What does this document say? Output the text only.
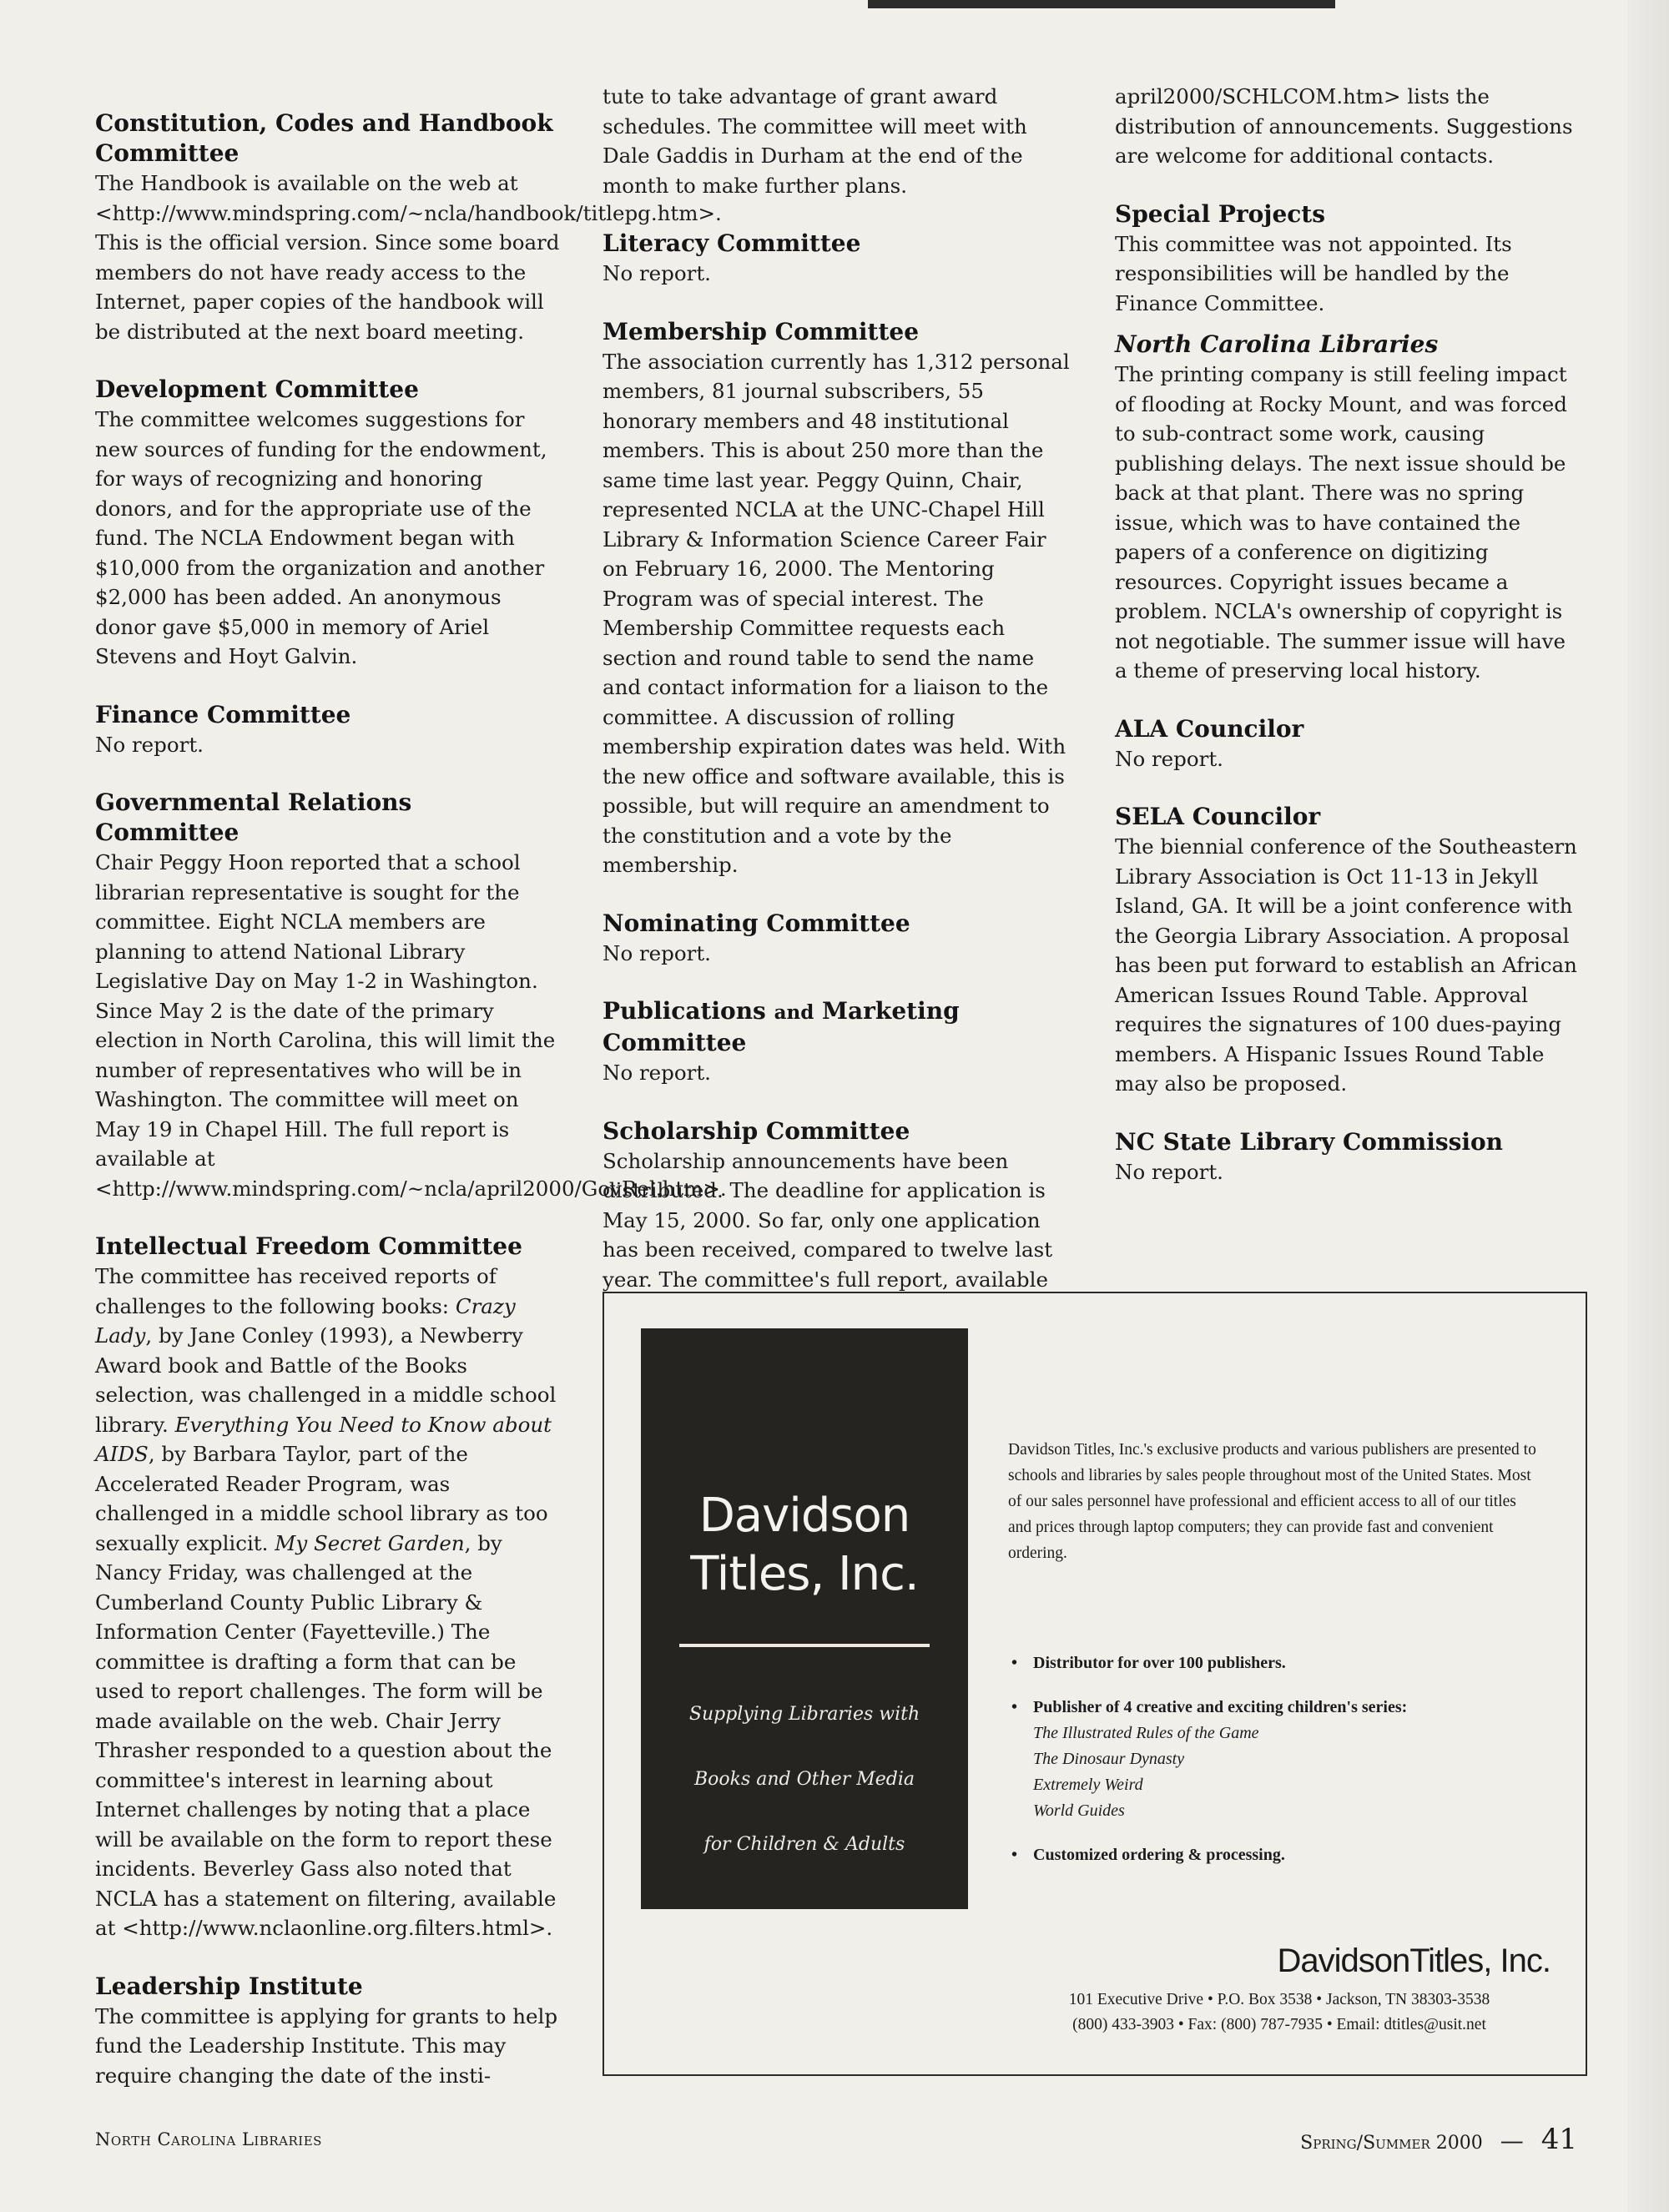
Constitution, Codes and Handbook Committee

The Handbook is available on the web at <http://www.mindspring.com/~ncla/handbook/titlepg.htm>. This is the official version. Since some board members do not have ready access to the Internet, paper copies of the handbook will be distributed at the next board meeting.

Development Committee

The committee welcomes suggestions for new sources of funding for the endowment, for ways of recognizing and honoring donors, and for the appropriate use of the fund. The NCLA Endowment began with $10,000 from the organization and another $2,000 has been added. An anonymous donor gave $5,000 in memory of Ariel Stevens and Hoyt Galvin.

Finance Committee

No report.

Governmental Relations Committee

Chair Peggy Hoon reported that a school librarian representative is sought for the committee. Eight NCLA members are planning to attend National Library Legislative Day on May 1-2 in Washington. Since May 2 is the date of the primary election in North Carolina, this will limit the number of representatives who will be in Washington. The committee will meet on May 19 in Chapel Hill. The full report is available at <http://www.mindspring.com/~ncla/april2000/GovRel.htm>.

Intellectual Freedom Committee

The committee has received reports of challenges to the following books: Crazy Lady, by Jane Conley (1993), a Newberry Award book and Battle of the Books selection, was challenged in a middle school library. Everything You Need to Know about AIDS, by Barbara Taylor, part of the Accelerated Reader Program, was challenged in a middle school library as too sexually explicit. My Secret Garden, by Nancy Friday, was challenged at the Cumberland County Public Library & Information Center (Fayetteville.) The committee is drafting a form that can be used to report challenges. The form will be made available on the web. Chair Jerry Thrasher responded to a question about the committee's interest in learning about Internet challenges by noting that a place will be available on the form to report these incidents. Beverley Gass also noted that NCLA has a statement on filtering, available at <http://www.nclaonline.org.filters.html>.

Leadership Institute

The committee is applying for grants to help fund the Leadership Institute. This may require changing the date of the insti-

tute to take advantage of grant award schedules. The committee will meet with Dale Gaddis in Durham at the end of the month to make further plans.

Literacy Committee

No report.

Membership Committee

The association currently has 1,312 personal members, 81 journal subscribers, 55 honorary members and 48 institutional members. This is about 250 more than the same time last year. Peggy Quinn, Chair, represented NCLA at the UNC-Chapel Hill Library & Information Science Career Fair on February 16, 2000. The Mentoring Program was of special interest. The Membership Committee requests each section and round table to send the name and contact information for a liaison to the committee. A discussion of rolling membership expiration dates was held. With the new office and software available, this is possible, but will require an amendment to the constitution and a vote by the membership.

Nominating Committee

No report.

Publications and Marketing Committee

No report.

Scholarship Committee

Scholarship announcements have been distributed. The deadline for application is May 15, 2000. So far, only one application has been received, compared to twelve last year. The committee's full report, available

april2000/SCHLCOM.htm> lists the distribution of announcements. Suggestions are welcome for additional contacts.

Special Projects

This committee was not appointed. Its responsibilities will be handled by the Finance Committee.

North Carolina Libraries

The printing company is still feeling impact of flooding at Rocky Mount, and was forced to sub-contract some work, causing publishing delays. The next issue should be back at that plant. There was no spring issue, which was to have contained the papers of a conference on digitizing resources. Copyright issues became a problem. NCLA's ownership of copyright is not negotiable. The summer issue will have a theme of preserving local history.

ALA Councilor

No report.

SELA Councilor

The biennial conference of the Southeastern Library Association is Oct 11-13 in Jekyll Island, GA. It will be a joint conference with the Georgia Library Association. A proposal has been put forward to establish an African American Issues Round Table. Approval requires the signatures of 100 dues-paying members. A Hispanic Issues Round Table may also be proposed.

NC State Library Commission

No report.

Davidson
Titles, Inc.
Supplying Libraries with
Books and Other Media
for Children & Adults
Davidson Titles, Inc.'s exclusive products and various publishers are presented to schools and libraries by sales people throughout most of the United States. Most of our sales personnel have professional and efficient access to all of our titles and prices through laptop computers; they can provide fast and convenient ordering.
• Distributor for over 100 publishers.
• Publisher of 4 creative and exciting children's series:
The Illustrated Rules of the Game
The Dinosaur Dynasty
Extremely Weird
World Guides
• Customized ordering & processing.
DavidsonTitles, Inc.
101 Executive Drive • P.O. Box 3538 • Jackson, TN 38303-3538
(800) 433-3903 • Fax: (800) 787-7935 • Email: dtitles@usit.net
North Carolina Libraries	Spring/Summer 2000 — 41
